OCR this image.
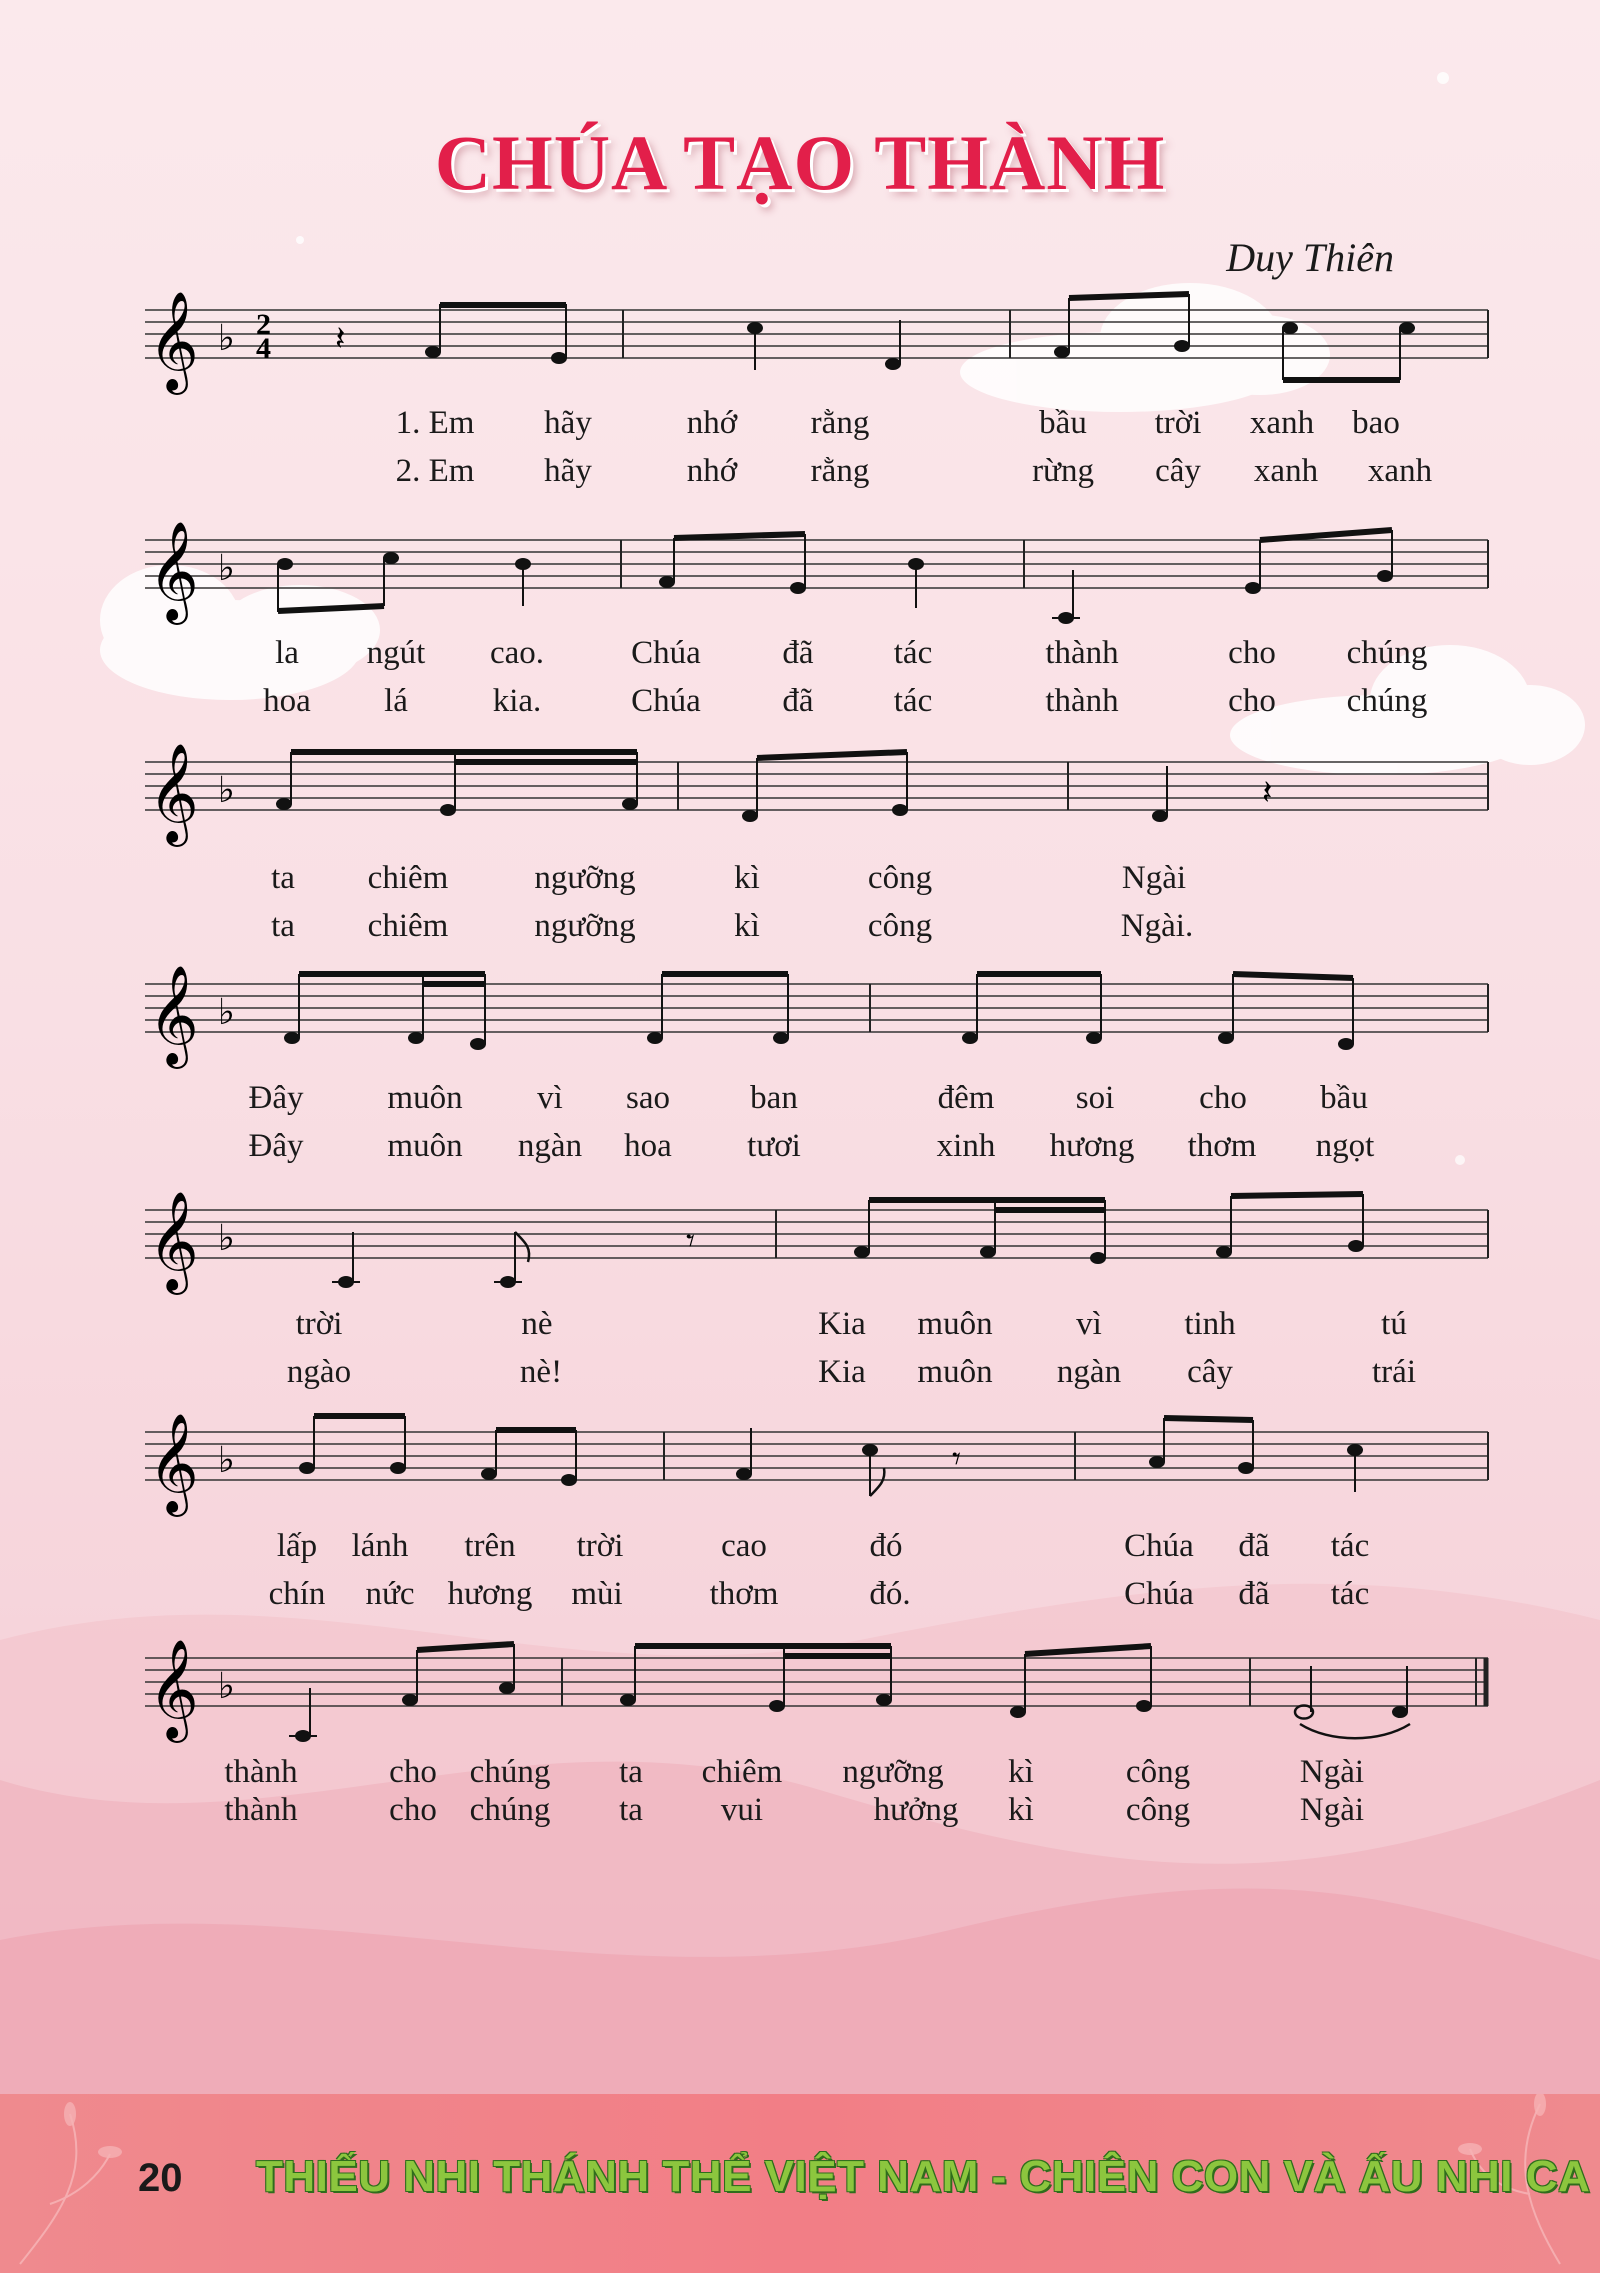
CHÚA TẠO THÀNH
Duy Thiên
𝄞 ♭ 2
4 𝄽
1. Em hãy	nhớ rằng	bầu trời xanh bao
2. Em hãy	nhớ rằng	rừng cây xanh xanh
𝄞 ♭
la ngút cao.	Chúa đã tác	thành	cho chúng
hoa lá	kia.	Chúa đã tác	thành	cho chúng
𝄞 ♭	𝄽
ta chiêm	ngưỡng	kì	công	Ngài
ta chiêm	ngưỡng	kì	công	Ngài.
𝄞 ♭
Đây	muôn vì sao ban	đêm soi	cho bầu
Đây	muôn ngàn hoa tươi	xinh hương thơm ngọt
𝄞 ♭	𝄾
trời	nè	Kia muôn	vì tinh	tú
ngào	nè!	Kia muôn ngàn cây	trái
𝄞 ♭	𝄾
lấp lánh trên trời	cao	đó	Chúa đã tác
chín nức hương mùi	thơm	đó.	Chúa đã tác
𝄞 ♭
thành	cho chúng ta chiêm ngưỡng kì	công	Ngài
thành	cho chúng ta vui	hưởng kì	công	Ngài
20 THIẾU NHI THÁNH THỂ VIỆT NAM - CHIÊN CON VÀ ẤU NHI CA
